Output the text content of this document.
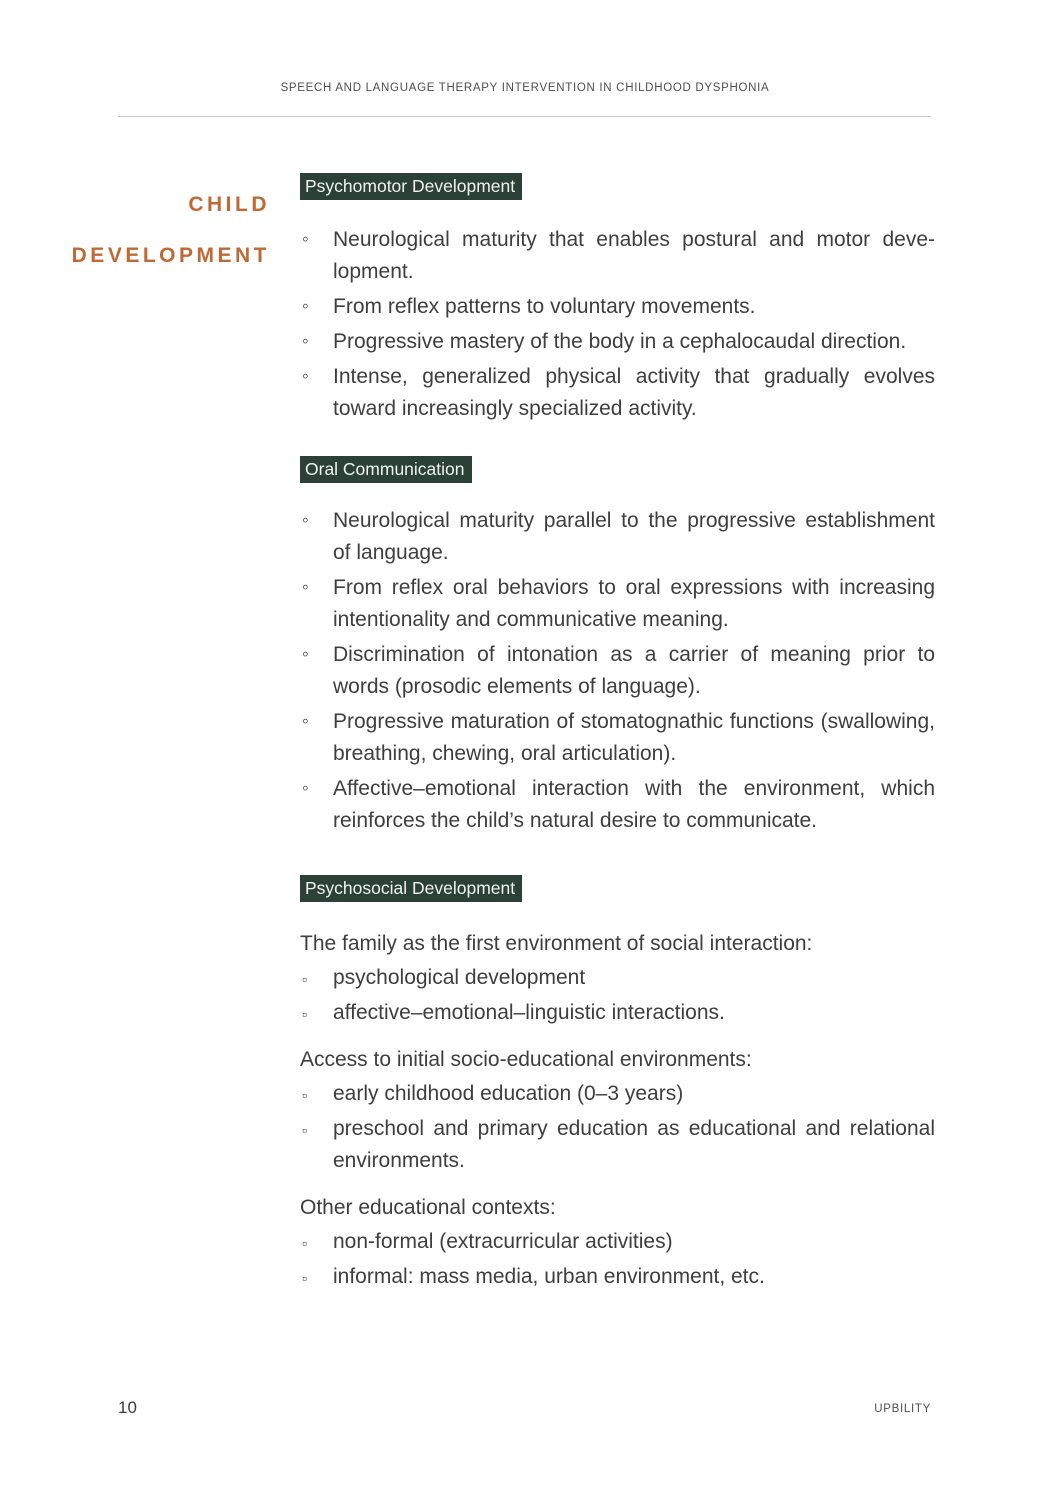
SPEECH AND LANGUAGE THERAPY INTERVENTION IN CHILDHOOD DYSPHONIA
CHILD
DEVELOPMENT
Psychomotor Development
◦ Neurological maturity that enables postural and motor development.
◦ From reflex patterns to voluntary movements.
◦ Progressive mastery of the body in a cephalocaudal direction.
◦ Intense, generalized physical activity that gradually evolves toward increasingly specialized activity.
Oral Communication
◦ Neurological maturity parallel to the progressive establishment of language.
◦ From reflex oral behaviors to oral expressions with increasing intentionality and communicative meaning.
◦ Discrimination of intonation as a carrier of meaning prior to words (prosodic elements of language).
◦ Progressive maturation of stomatognathic functions (swallowing, breathing, chewing, oral articulation).
◦ Affective–emotional interaction with the environment, which reinforces the child’s natural desire to communicate.
Psychosocial Development

The family as the first environment of social interaction:

▫ psychological development
▫ affective–emotional–linguistic interactions.

Access to initial socio-educational environments:

▫ early childhood education (0–3 years)
▫ preschool and primary education as educational and relational environments.

Other educational contexts:

▫ non-formal (extracurricular activities)
▫ informal: mass media, urban environment, etc.
10	UPBILITY
